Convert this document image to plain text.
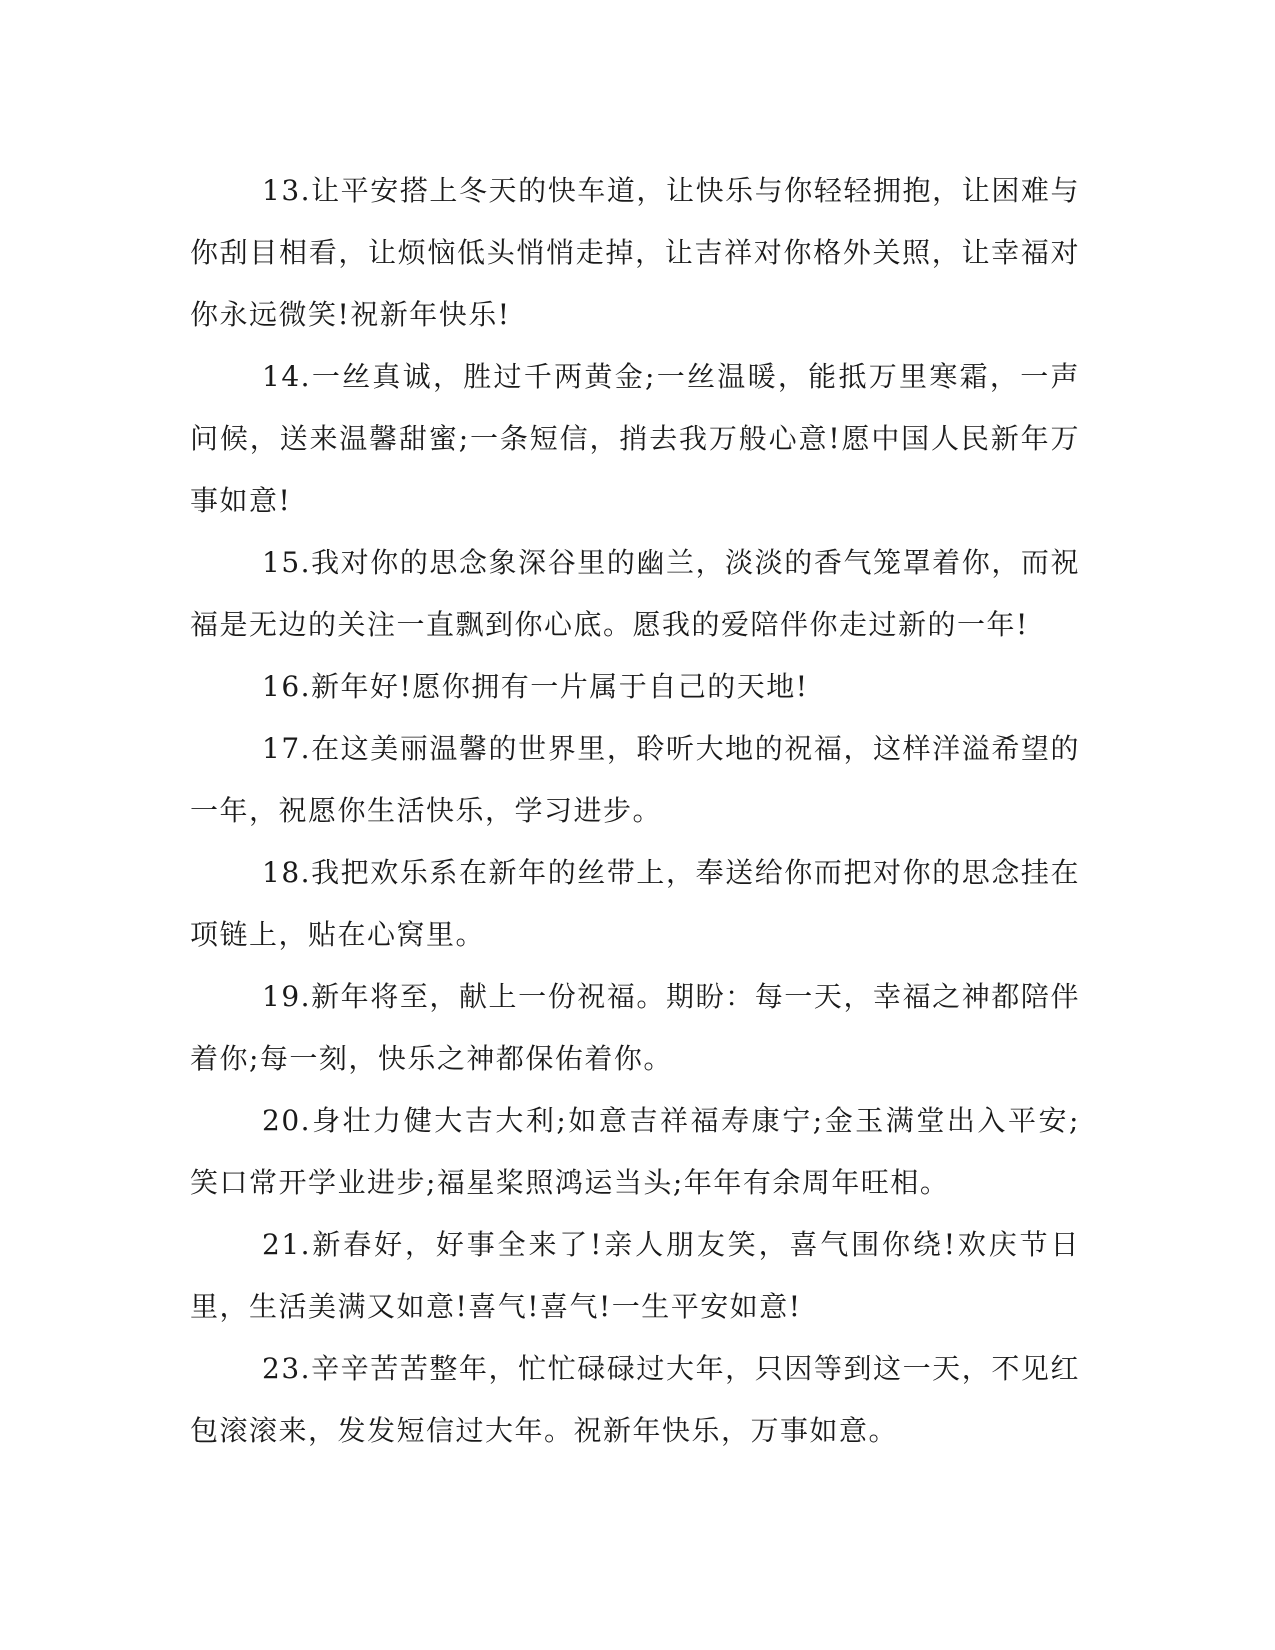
13.让平安搭上冬天的快车道，让快乐与你轻轻拥抱，让困难与你刮目相看，让烦恼低头悄悄走掉，让吉祥对你格外关照，让幸福对你永远微笑!祝新年快乐!

14.一丝真诚，胜过千两黄金;一丝温暖，能抵万里寒霜，一声问候，送来温馨甜蜜;一条短信，捎去我万般心意!愿中国人民新年万事如意!

15.我对你的思念象深谷里的幽兰，淡淡的香气笼罩着你，而祝福是无边的关注一直飘到你心底。愿我的爱陪伴你走过新的一年!

16.新年好!愿你拥有一片属于自己的天地!

17.在这美丽温馨的世界里，聆听大地的祝福，这样洋溢希望的一年，祝愿你生活快乐，学习进步。

18.我把欢乐系在新年的丝带上，奉送给你而把对你的思念挂在项链上，贴在心窝里。

19.新年将至，献上一份祝福。期盼：每一天，幸福之神都陪伴着你;每一刻，快乐之神都保佑着你。

20.身壮力健大吉大利;如意吉祥福寿康宁;金玉满堂出入平安;笑口常开学业进步;福星桨照鸿运当头;年年有余周年旺相。

21.新春好，好事全来了!亲人朋友笑，喜气围你绕!欢庆节日里，生活美满又如意!喜气!喜气!一生平安如意!

23.辛辛苦苦整年，忙忙碌碌过大年，只因等到这一天，不见红包滚滚来，发发短信过大年。祝新年快乐，万事如意。
